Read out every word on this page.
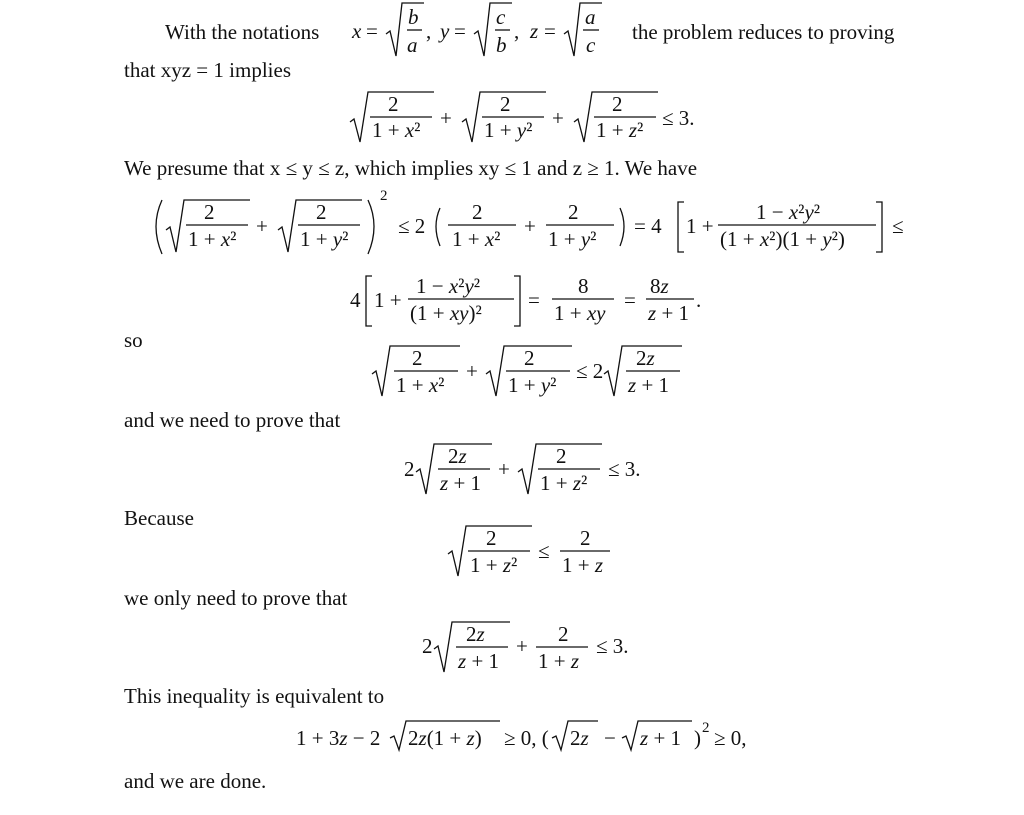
With the notations x =
b
a
, y =
c
b
, z =
a
c
the problem reduces to proving
that xyz = 1 implies
2
1 + x² +
2
1 + y² +
2
1 + z² ≤ 3.
We presume that x ≤ y ≤ z, which implies xy ≤ 1 and z ≥ 1. We have
2
1 + x²
+
2
1 + y²
2
≤ 2
2
1 + x²
+
2
1 + y²
= 4 1 +
1 − x²y²
(1 + x²)(1 + y²)
≤
4 1 +
1 − x²y²
(1 + xy)²
=
8
1 + xy
=
8z
z + 1
.
so
2
1 + x²
+
2
1 + y²
≤ 2
2z
z + 1
and we need to prove that
2
2z
z + 1
+
2
1 + z²
≤ 3.
Because
2
1 + z²
≤
2
1 + z
we only need to prove that
2 2z
z + 1
+ 2
1 + z
≤ 3.
This inequality is equivalent to
1 + 3z − 2 2z(1 + z) ≥ 0, ( 2z − z + 1 ) 2 ≥ 0,
and we are done.
